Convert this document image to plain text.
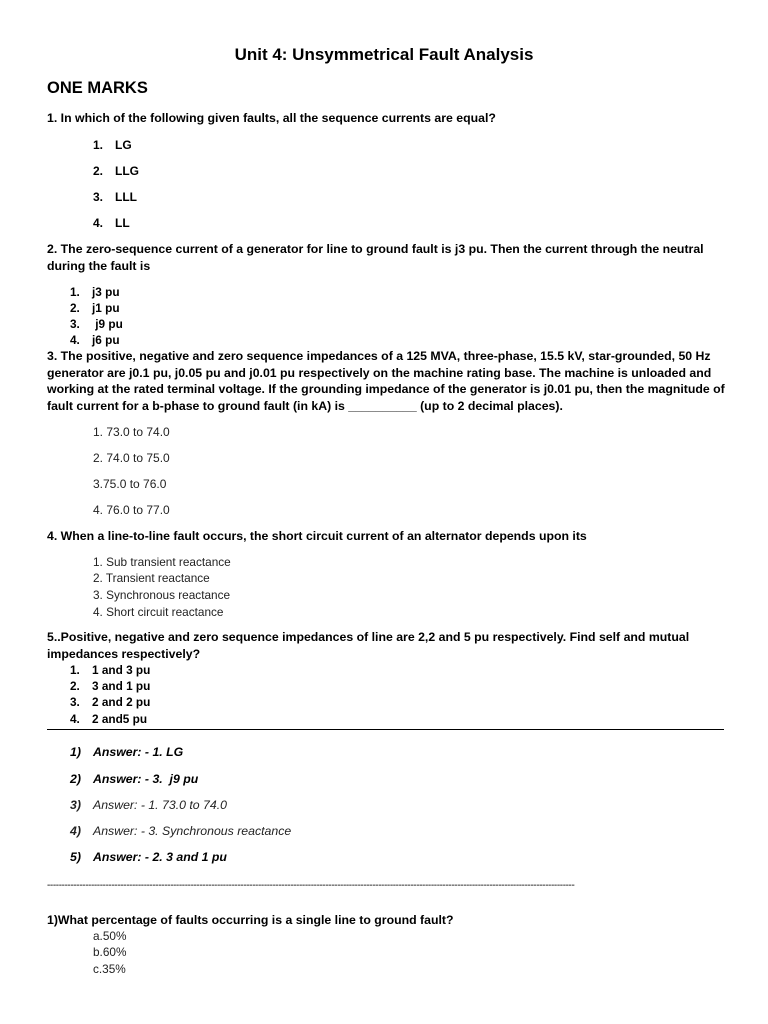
Unit 4: Unsymmetrical Fault Analysis
ONE MARKS
1. In which of the following given faults, all the sequence currents are equal?
1. LG
2. LLG
3. LLL
4. LL
2. The zero-sequence current of a generator for line to ground fault is j3 pu. Then the current through the neutral during the fault is
1. j3 pu
2. j1 pu
3. j9 pu
4. j6 pu
3. The positive, negative and zero sequence impedances of a 125 MVA, three-phase, 15.5 kV, star-grounded, 50 Hz generator are j0.1 pu, j0.05 pu and j0.01 pu respectively on the machine rating base. The machine is unloaded and working at the rated terminal voltage. If the grounding impedance of the generator is j0.01 pu, then the magnitude of fault current for a b-phase to ground fault (in kA) is __________ (up to 2 decimal places).
1. 73.0 to 74.0
2. 74.0 to 75.0
3.75.0 to 76.0
4. 76.0 to 77.0
4. When a line-to-line fault occurs, the short circuit current of an alternator depends upon its
1. Sub transient reactance
2. Transient reactance
3. Synchronous reactance
4. Short circuit reactance
5..Positive, negative and zero sequence impedances of line are 2,2 and 5 pu respectively. Find self and mutual impedances respectively?
1. 1 and 3 pu
2. 3 and 1 pu
3. 2 and 2 pu
4. 2 and5 pu
1) Answer: - 1. LG
2) Answer: - 3.  j9 pu
3) Answer: - 1. 73.0 to 74.0
4) Answer: - 3. Synchronous reactance
5) Answer: - 2. 3 and 1 pu
------------------------------------------------------------------------------------------------------------------------------------------------------------------------------------
1)What percentage of faults occurring is a single line to ground fault?
a.50%
b.60%
c.35%
